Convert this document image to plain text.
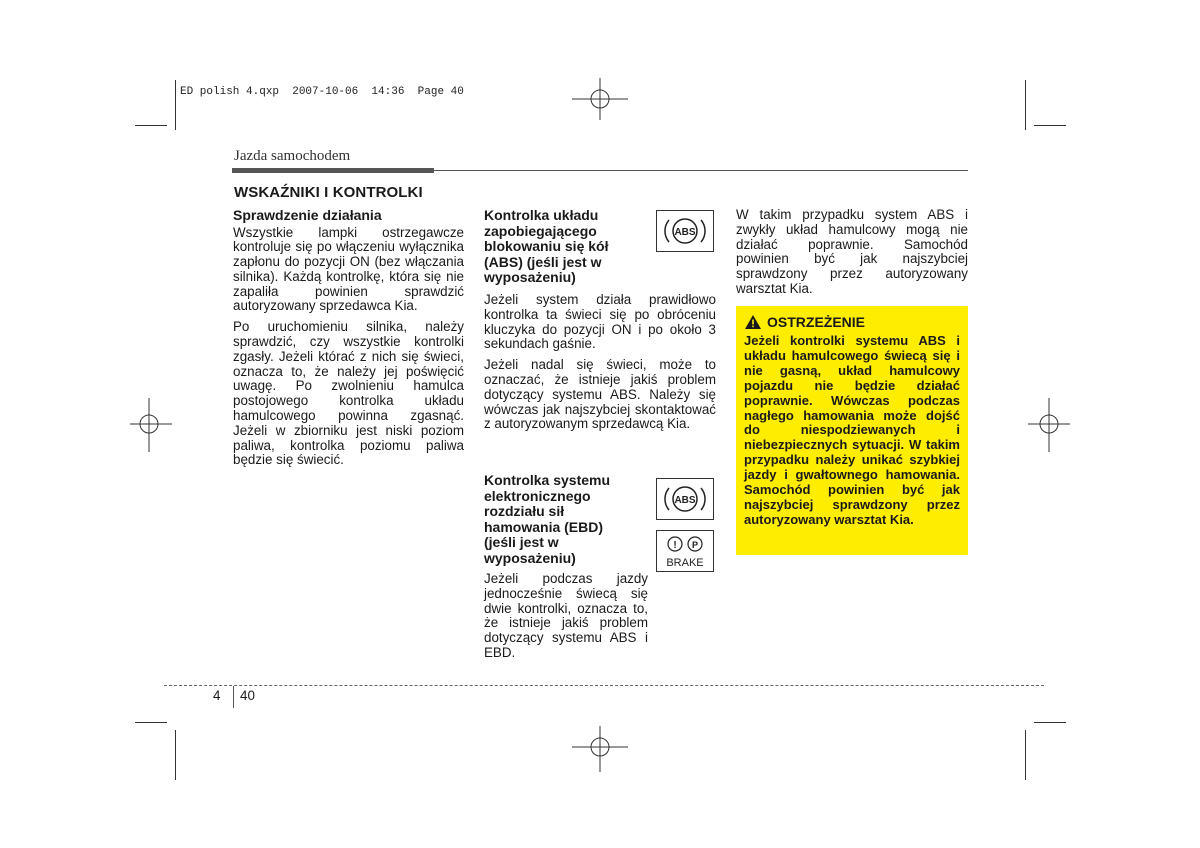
ED polish 4.qxp  2007-10-06  14:36  Page 40
Jazda samochodem
WSKAŹNIKI I KONTROLKI
Sprawdzenie działania

Wszystkie lampki ostrzegawcze kontroluje się po włączeniu wyłącznika zapłonu do pozycji ON (bez włączania silnika). Każdą kontrolkę, która się nie zapaliła powinien sprawdzić autoryzowany sprzedawca Kia.

Po uruchomieniu silnika, należy sprawdzić, czy wszystkie kontrolki zgasły. Jeżeli którać z nich się świeci, oznacza to, że należy jej poświęcić uwagę. Po zwolnieniu hamulca postojowego kontrolka układu hamulcowego powinna zgasnąć. Jeżeli w zbiorniku jest niski poziom paliwa, kontrolka poziomu paliwa będzie się świecić.

Kontrolka układu zapobiegającego blokowaniu się kół (ABS) (jeśli jest w wyposażeniu)
ABS

Jeżeli system działa prawidłowo kontrolka ta świeci się po obróceniu kluczyka do pozycji ON i po około 3 sekundach gaśnie.

Jeżeli nadal się świeci, może to oznaczać, że istnieje jakiś problem dotyczący systemu ABS. Należy się wówczas jak najszybciej skontaktować z autoryzowanym sprzedawcą Kia.

Kontrolka systemu elektronicznego rozdziału sił hamowania (EBD) (jeśli jest w wyposażeniu)
ABS
! P
BRAKE

Jeżeli podczas jazdy jednocześnie świecą się dwie kontrolki, oznacza to, że istnieje jakiś problem dotyczący systemu ABS i EBD.

W takim przypadku system ABS i zwykły układ hamulcowy mogą nie działać poprawnie. Samochód powinien być jak najszybciej sprawdzony przez autoryzowany warsztat Kia.

OSTRZEŻENIE
Jeżeli kontrolki systemu ABS i układu hamulcowego świecą się i nie gasną, układ hamulcowy pojazdu nie będzie działać poprawnie. Wówczas podczas nagłego hamowania może dojść do niespodziewanych i niebezpiecznych sytuacji. W takim przypadku należy unikać szybkiej jazdy i gwałtownego hamowania. Samochód powinien być jak najszybciej sprawdzony przez autoryzowany warsztat Kia.
4 40
